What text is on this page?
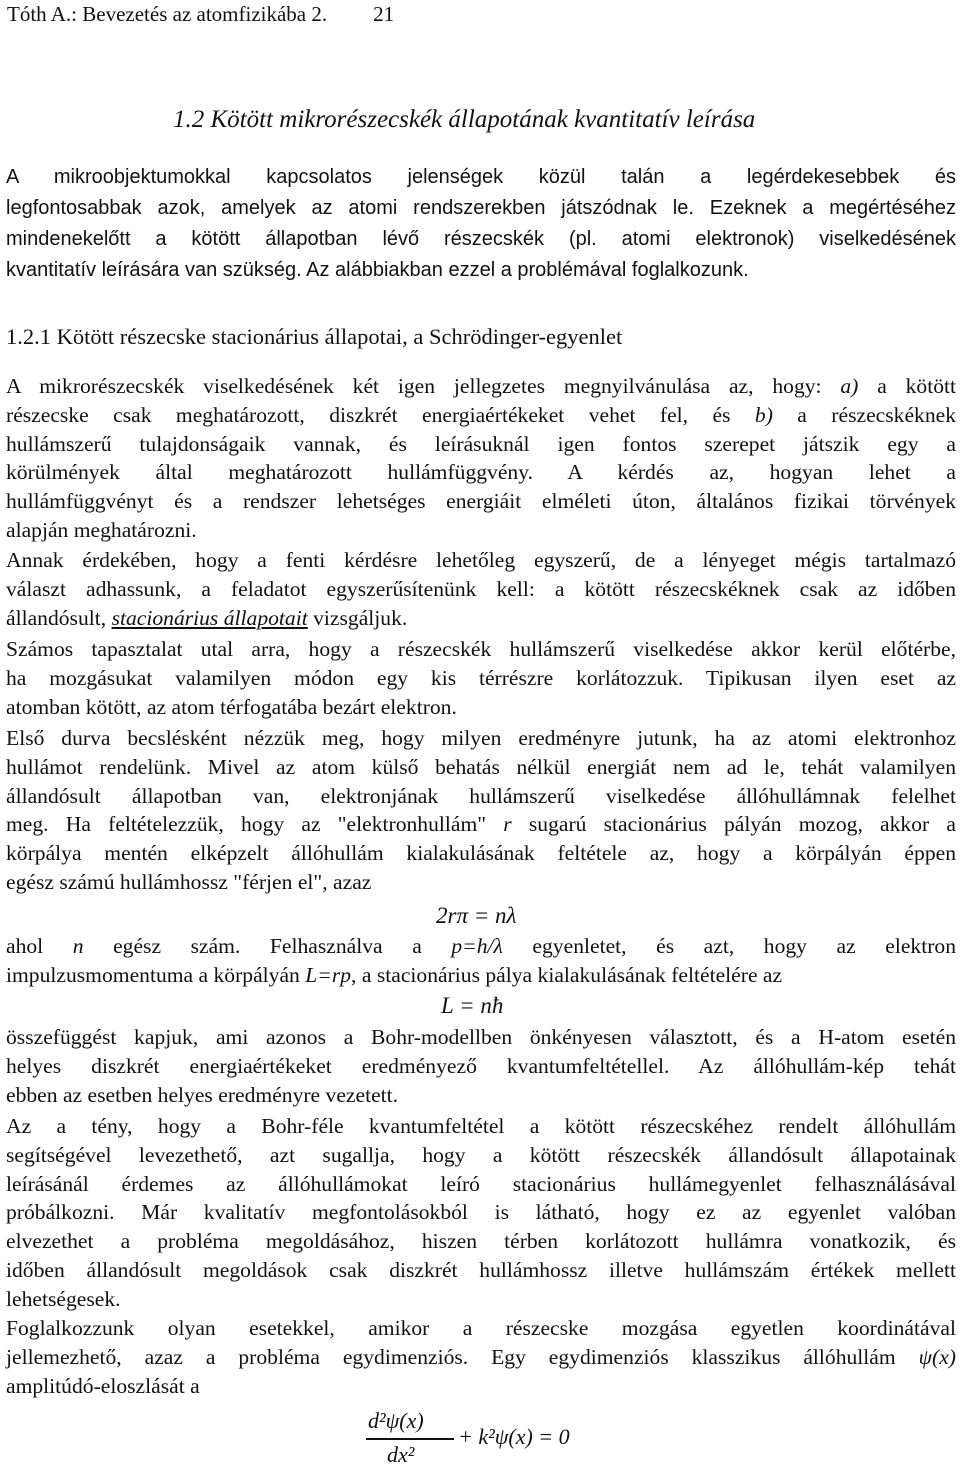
Tóth A.: Bevezetés az atomfizikába 2. 21
1.2 Kötött mikrorészecskék állapotának kvantitatív leírása
A mikroobjektumokkal kapcsolatos jelenségek közül talán a legérdekesebbek és
legfontosabbak azok, amelyek az atomi rendszerekben játszódnak le. Ezeknek a megértéséhez
mindenekelőtt a kötött állapotban lévő részecskék (pl. atomi elektronok) viselkedésének
kvantitatív leírására van szükség. Az alábbiakban ezzel a problémával foglalkozunk.
1.2.1 Kötött részecske stacionárius állapotai, a Schrödinger-egyenlet
A mikrorészecskék viselkedésének két igen jellegzetes megnyilvánulása az, hogy: a) a kötött
részecske csak meghatározott, diszkrét energiaértékeket vehet fel, és b) a részecskéknek
hullámszerű tulajdonságaik vannak, és leírásuknál igen fontos szerepet játszik egy a
körülmények által meghatározott hullámfüggvény. A kérdés az, hogyan lehet a
hullámfüggvényt és a rendszer lehetséges energiáit elméleti úton, általános fizikai törvények
alapján meghatározni.
Annak érdekében, hogy a fenti kérdésre lehetőleg egyszerű, de a lényeget mégis tartalmazó
választ adhassunk, a feladatot egyszerűsítenünk kell: a kötött részecskéknek csak az időben
állandósult, stacionárius állapotait vizsgáljuk.
Számos tapasztalat utal arra, hogy a részecskék hullámszerű viselkedése akkor kerül előtérbe,
ha mozgásukat valamilyen módon egy kis térrészre korlátozzuk. Tipikusan ilyen eset az
atomban kötött, az atom térfogatába bezárt elektron.
Első durva becslésként nézzük meg, hogy milyen eredményre jutunk, ha az atomi elektronhoz
hullámot rendelünk. Mivel az atom külső behatás nélkül energiát nem ad le, tehát valamilyen
állandósult állapotban van, elektronjának hullámszerű viselkedése állóhullámnak felelhet
meg. Ha feltételezzük, hogy az "elektronhullám" r sugarú stacionárius pályán mozog, akkor a
körpálya mentén elképzelt állóhullám kialakulásának feltétele az, hogy a körpályán éppen
egész számú hullámhossz "férjen el", azaz
2rπ = nλ
ahol n egész szám. Felhasználva a p=h/λ egyenletet, és azt, hogy az elektron
impulzusmomentuma a körpályán L=rp, a stacionárius pálya kialakulásának feltételére az
L = nħ
összefüggést kapjuk, ami azonos a Bohr-modellben önkényesen választott, és a H-atom esetén
helyes diszkrét energiaértékeket eredményező kvantumfeltétellel. Az állóhullám-kép tehát
ebben az esetben helyes eredményre vezetett.
Az a tény, hogy a Bohr-féle kvantumfeltétel a kötött részecskéhez rendelt állóhullám
segítségével levezethető, azt sugallja, hogy a kötött részecskék állandósult állapotainak
leírásánál érdemes az állóhullámokat leíró stacionárius hullámegyenlet felhasználásával
próbálkozni. Már kvalitatív megfontolásokból is látható, hogy ez az egyenlet valóban
elvezethet a probléma megoldásához, hiszen térben korlátozott hullámra vonatkozik, és
időben állandósult megoldások csak diszkrét hullámhossz illetve hullámszám értékek mellett
lehetségesek.
Foglalkozzunk olyan esetekkel, amikor a részecske mozgása egyetlen koordinátával
jellemezhető, azaz a probléma egydimenziós. Egy egydimenziós klasszikus állóhullám ψ(x)
amplitúdó-eloszlását a
d²ψ(x)
dx²
+ k²ψ(x) = 0
